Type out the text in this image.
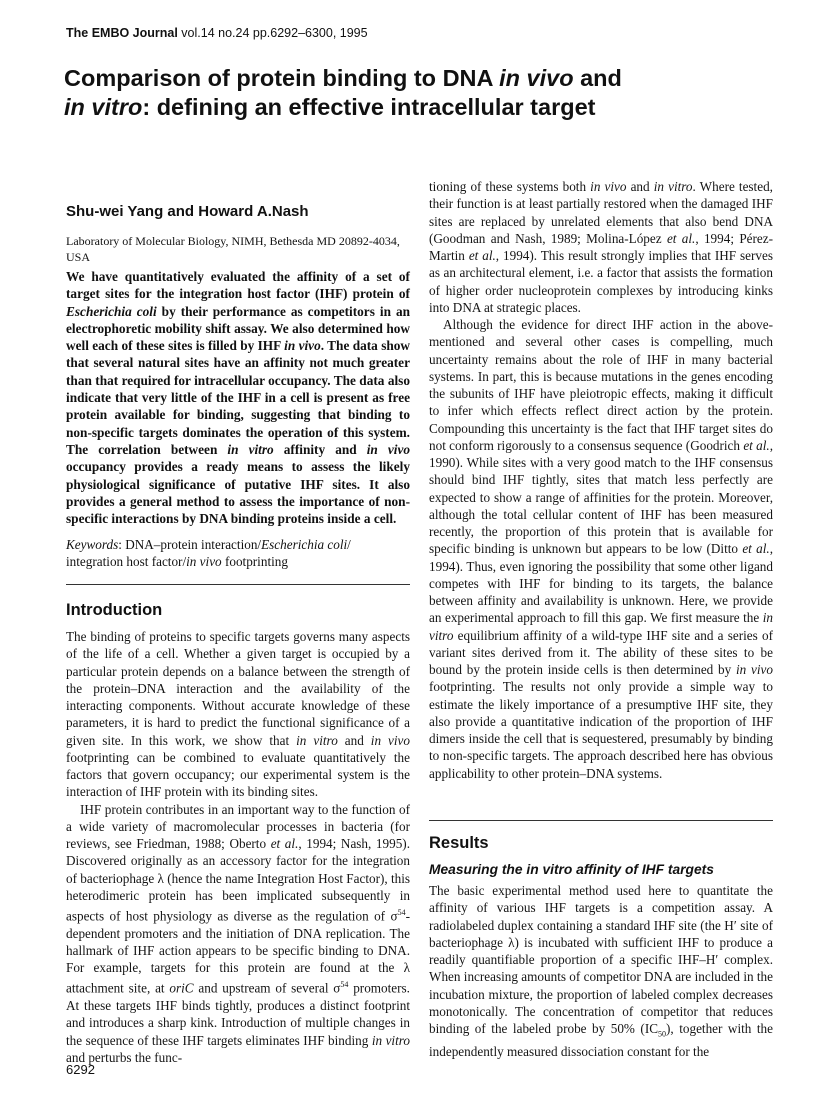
The EMBO Journal vol.14 no.24 pp.6292–6300, 1995
Comparison of protein binding to DNA in vivo and
in vitro: defining an effective intracellular target
Shu-wei Yang and Howard A.Nash
Laboratory of Molecular Biology, NIMH, Bethesda MD 20892-4034, USA

We have quantitatively evaluated the affinity of a set of target sites for the integration host factor (IHF) protein of Escherichia coli by their performance as competitors in an electrophoretic mobility shift assay. We also determined how well each of these sites is filled by IHF in vivo. The data show that several natural sites have an affinity not much greater than that required for intracellular occupancy. The data also indicate that very little of the IHF in a cell is present as free protein available for binding, suggesting that binding to non-specific targets dominates the operation of this system. The correlation between in vitro affinity and in vivo occupancy provides a ready means to assess the likely physiological significance of putative IHF sites. It also provides a general method to assess the importance of non-specific interactions by DNA binding proteins inside a cell.

Keywords: DNA–protein interaction/Escherichia coli/ integration host factor/in vivo footprinting

Introduction

The binding of proteins to specific targets governs many aspects of the life of a cell. Whether a given target is occupied by a particular protein depends on a balance between the strength of the protein–DNA interaction and the availability of the interacting components. Without accurate knowledge of these parameters, it is hard to predict the functional significance of a given site. In this work, we show that in vitro and in vivo footprinting can be combined to evaluate quantitatively the factors that govern occupancy; our experimental system is the interaction of IHF protein with its binding sites.

IHF protein contributes in an important way to the function of a wide variety of macromolecular processes in bacteria (for reviews, see Friedman, 1988; Oberto et al., 1994; Nash, 1995). Discovered originally as an accessory factor for the integration of bacteriophage λ (hence the name Integration Host Factor), this heterodimeric protein has been implicated subsequently in aspects of host physiology as diverse as the regulation of $\sigma^{54}$-dependent promoters and the initiation of DNA replication. The hallmark of IHF action appears to be specific binding to DNA. For example, targets for this protein are found at the λ attachment site, at oriC and upstream of several $\sigma^{54}$ promoters. At these targets IHF binds tightly, produces a distinct footprint and introduces a sharp kink. Introduction of multiple changes in the sequence of these IHF targets eliminates IHF binding in vitro and perturbs the func-

tioning of these systems both in vivo and in vitro. Where tested, their function is at least partially restored when the damaged IHF sites are replaced by unrelated elements that also bend DNA (Goodman and Nash, 1989; Molina-López et al., 1994; Pérez-Martin et al., 1994). This result strongly implies that IHF serves as an architectural element, i.e. a factor that assists the formation of higher order nucleoprotein complexes by introducing kinks into DNA at strategic places.

Although the evidence for direct IHF action in the above-mentioned and several other cases is compelling, much uncertainty remains about the role of IHF in many bacterial systems. In part, this is because mutations in the genes encoding the subunits of IHF have pleiotropic effects, making it difficult to infer which effects reflect direct action by the protein. Compounding this uncertainty is the fact that IHF target sites do not conform rigorously to a consensus sequence (Goodrich et al., 1990). While sites with a very good match to the IHF consensus should bind IHF tightly, sites that match less perfectly are expected to show a range of affinities for the protein. Moreover, although the total cellular content of IHF has been measured recently, the proportion of this protein that is available for specific binding is unknown but appears to be low (Ditto et al., 1994). Thus, even ignoring the possibility that some other ligand competes with IHF for binding to its targets, the balance between affinity and availability is unknown. Here, we provide an experimental approach to fill this gap. We first measure the in vitro equilibrium affinity of a wild-type IHF site and a series of variant sites derived from it. The ability of these sites to be bound by the protein inside cells is then determined by in vivo footprinting. The results not only provide a simple way to estimate the likely importance of a presumptive IHF site, they also provide a quantitative indication of the proportion of IHF dimers inside the cell that is sequestered, presumably by binding to non-specific targets. The approach described here has obvious applicability to other protein–DNA systems.

Results
Measuring the in vitro affinity of IHF targets

The basic experimental method used here to quantitate the affinity of various IHF targets is a competition assay. A radiolabeled duplex containing a standard IHF site (the H′ site of bacteriophage λ) is incubated with sufficient IHF to produce a readily quantifiable proportion of a specific IHF–H′ complex. When increasing amounts of competitor DNA are included in the incubation mixture, the proportion of labeled complex decreases monotonically. The concentration of competitor that reduces binding of the labeled probe by 50% $(IC_{50})$, together with the independently measured dissociation constant for the

6292
